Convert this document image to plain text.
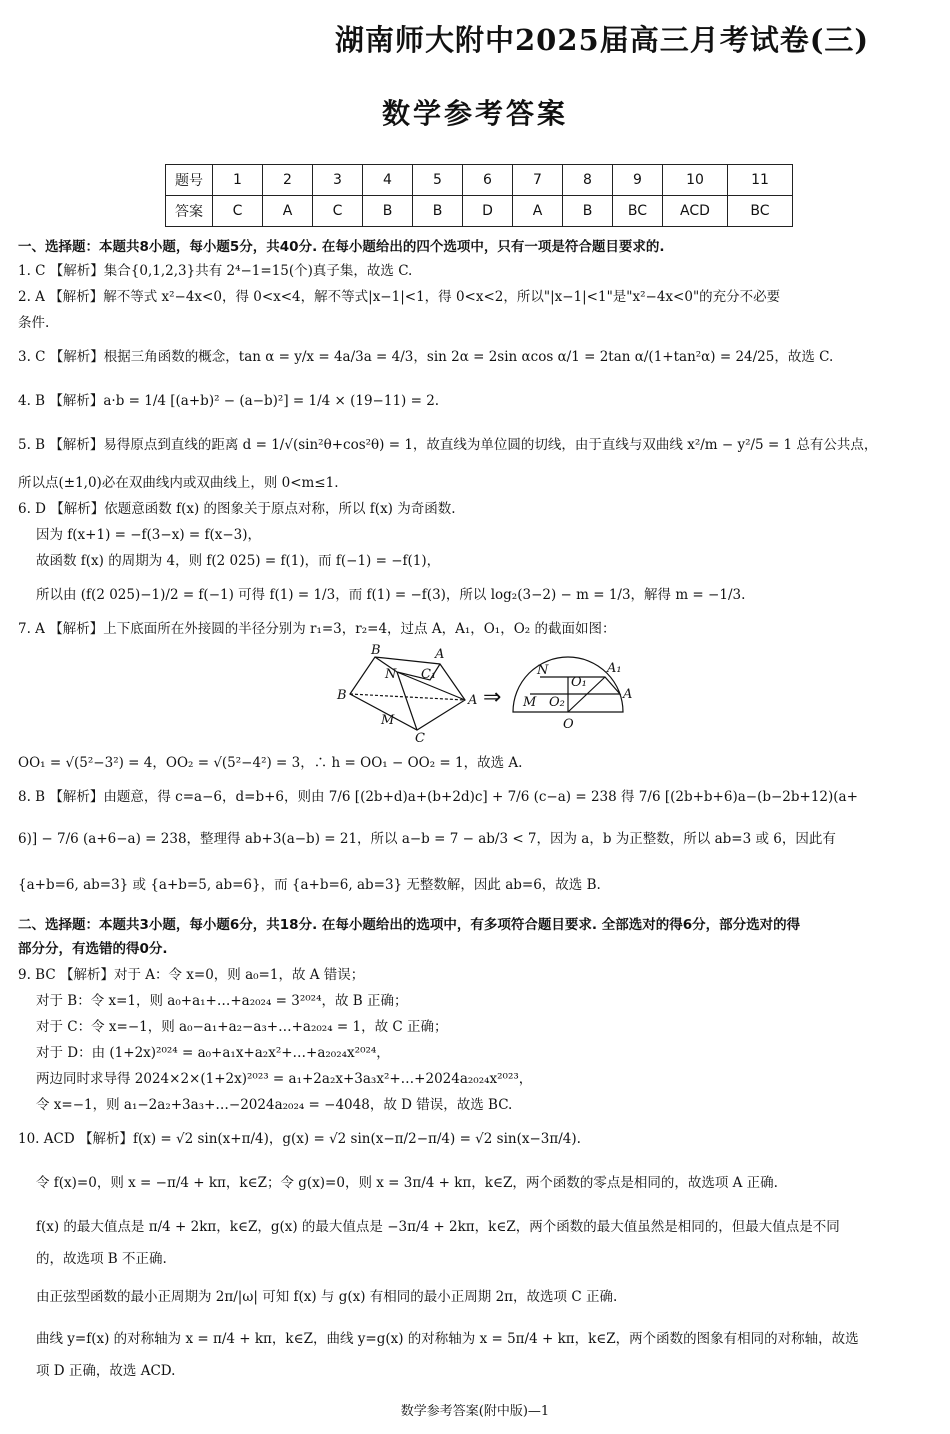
湖南师大附中2025届高三月考试卷(三)
数学参考答案
题号	1	2	3	4	5	6	7	8	9	10	11
答案	C	A	C	B	B	D	A	B	BC	ACD	BC
一、选择题：本题共8小题，每小题5分，共40分. 在每小题给出的四个选项中，只有一项是符合题目要求的.
1. C 【解析】集合{0,1,2,3}共有 2⁴−1=15(个)真子集，故选 C.
2. A 【解析】解不等式 x²−4x<0，得 0<x<4，解不等式|x−1|<1，得 0<x<2，所以"|x−1|<1"是"x²−4x<0"的充分不必要
条件.
3. C 【解析】根据三角函数的概念，tan α = y/x = 4a/3a = 4/3，sin 2α = 2sin αcos α/1 = 2tan α/(1+tan²α) = 24/25，故选 C.
4. B 【解析】a·b = 1/4 [(a+b)² − (a−b)²] = 1/4 × (19−11) = 2.
5. B 【解析】易得原点到直线的距离 d = 1/√(sin²θ+cos²θ) = 1，故直线为单位圆的切线，由于直线与双曲线 x²/m − y²/5 = 1 总有公共点，
所以点(±1,0)必在双曲线内或双曲线上，则 0<m≤1.
6. D 【解析】依题意函数 f(x) 的图象关于原点对称，所以 f(x) 为奇函数.
因为 f(x+1) = −f(3−x) = f(x−3)，
故函数 f(x) 的周期为 4，则 f(2 025) = f(1)，而 f(−1) = −f(1)，
所以由 (f(2 025)−1)/2 = f(−1) 可得 f(1) = 1/3，而 f(1) = −f(3)，所以 log₂(3−2) − m = 1/3，解得 m = −1/3.
7. A 【解析】上下底面所在外接圆的半径分别为 r₁=3，r₂=4，过点 A，A₁，O₁，O₂ 的截面如图：
B	A
N C₁
B	A
M
C
A₁
N
O₁
M O₂
A
O
⇒
OO₁ = √(5²−3²) = 4，OO₂ = √(5²−4²) = 3，∴ h = OO₁ − OO₂ = 1，故选 A.
8. B 【解析】由题意，得 c=a−6，d=b+6，则由 7/6 [(2b+d)a+(b+2d)c] + 7/6 (c−a) = 238 得 7/6 [(2b+b+6)a−(b−2b+12)(a+
6)] − 7/6 (a+6−a) = 238，整理得 ab+3(a−b) = 21，所以 a−b = 7 − ab/3 < 7，因为 a，b 为正整数，所以 ab=3 或 6，因此有
{a+b=6, ab=3} 或 {a+b=5, ab=6}，而 {a+b=6, ab=3} 无整数解，因此 ab=6，故选 B.
二、选择题：本题共3小题，每小题6分，共18分. 在每小题给出的选项中，有多项符合题目要求. 全部选对的得6分，部分选对的得
部分分，有选错的得0分.
9. BC 【解析】对于 A：令 x=0，则 a₀=1，故 A 错误；
对于 B：令 x=1，则 a₀+a₁+…+a₂₀₂₄ = 3²⁰²⁴，故 B 正确；
对于 C：令 x=−1，则 a₀−a₁+a₂−a₃+…+a₂₀₂₄ = 1，故 C 正确；
对于 D：由 (1+2x)²⁰²⁴ = a₀+a₁x+a₂x²+…+a₂₀₂₄x²⁰²⁴，
两边同时求导得 2024×2×(1+2x)²⁰²³ = a₁+2a₂x+3a₃x²+…+2024a₂₀₂₄x²⁰²³，
令 x=−1，则 a₁−2a₂+3a₃+…−2024a₂₀₂₄ = −4048，故 D 错误，故选 BC.
10. ACD 【解析】f(x) = √2 sin(x+π/4)，g(x) = √2 sin(x−π/2−π/4) = √2 sin(x−3π/4).
令 f(x)=0，则 x = −π/4 + kπ，k∈Z；令 g(x)=0，则 x = 3π/4 + kπ，k∈Z，两个函数的零点是相同的，故选项 A 正确.
f(x) 的最大值点是 π/4 + 2kπ，k∈Z，g(x) 的最大值点是 −3π/4 + 2kπ，k∈Z，两个函数的最大值虽然是相同的，但最大值点是不同
的，故选项 B 不正确.
由正弦型函数的最小正周期为 2π/|ω| 可知 f(x) 与 g(x) 有相同的最小正周期 2π，故选项 C 正确.
曲线 y=f(x) 的对称轴为 x = π/4 + kπ，k∈Z，曲线 y=g(x) 的对称轴为 x = 5π/4 + kπ，k∈Z，两个函数的图象有相同的对称轴，故选
项 D 正确，故选 ACD.
数学参考答案(附中版)—1
